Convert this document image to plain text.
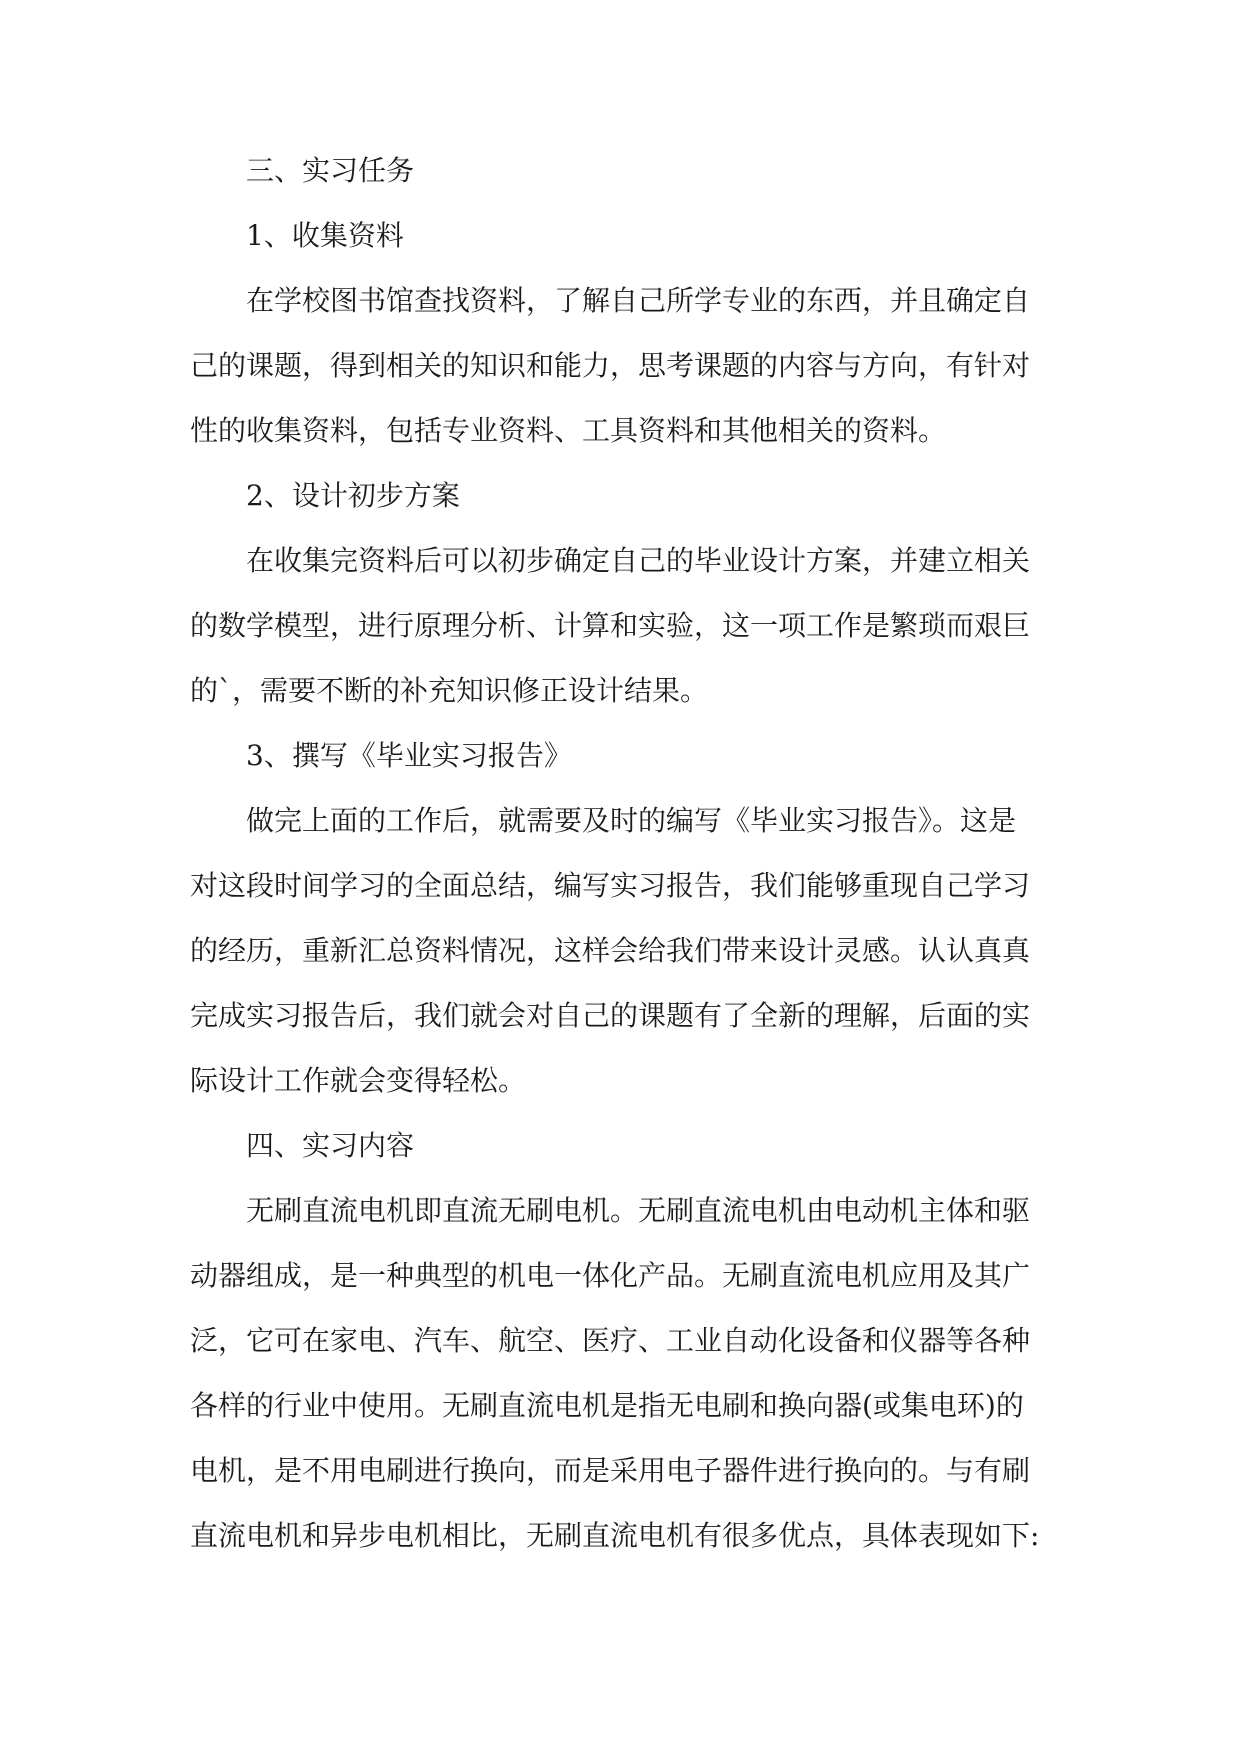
三、实习任务

1、收集资料

在学校图书馆查找资料，了解自己所学专业的东西，并且确定自

己的课题，得到相关的知识和能力，思考课题的内容与方向，有针对

性的收集资料，包括专业资料、工具资料和其他相关的资料。

2、设计初步方案

在收集完资料后可以初步确定自己的毕业设计方案，并建立相关

的数学模型，进行原理分析、计算和实验，这一项工作是繁琐而艰巨

的`，需要不断的补充知识修正设计结果。

3、撰写《毕业实习报告》

做完上面的工作后，就需要及时的编写《毕业实习报告》。这是

对这段时间学习的全面总结，编写实习报告，我们能够重现自己学习

的经历，重新汇总资料情况，这样会给我们带来设计灵感。认认真真

完成实习报告后，我们就会对自己的课题有了全新的理解，后面的实

际设计工作就会变得轻松。

四、实习内容

无刷直流电机即直流无刷电机。无刷直流电机由电动机主体和驱

动器组成，是一种典型的机电一体化产品。无刷直流电机应用及其广

泛，它可在家电、汽车、航空、医疗、工业自动化设备和仪器等各种

各样的行业中使用。无刷直流电机是指无电刷和换向器(或集电环)的

电机，是不用电刷进行换向，而是采用电子器件进行换向的。与有刷

直流电机和异步电机相比，无刷直流电机有很多优点，具体表现如下:
